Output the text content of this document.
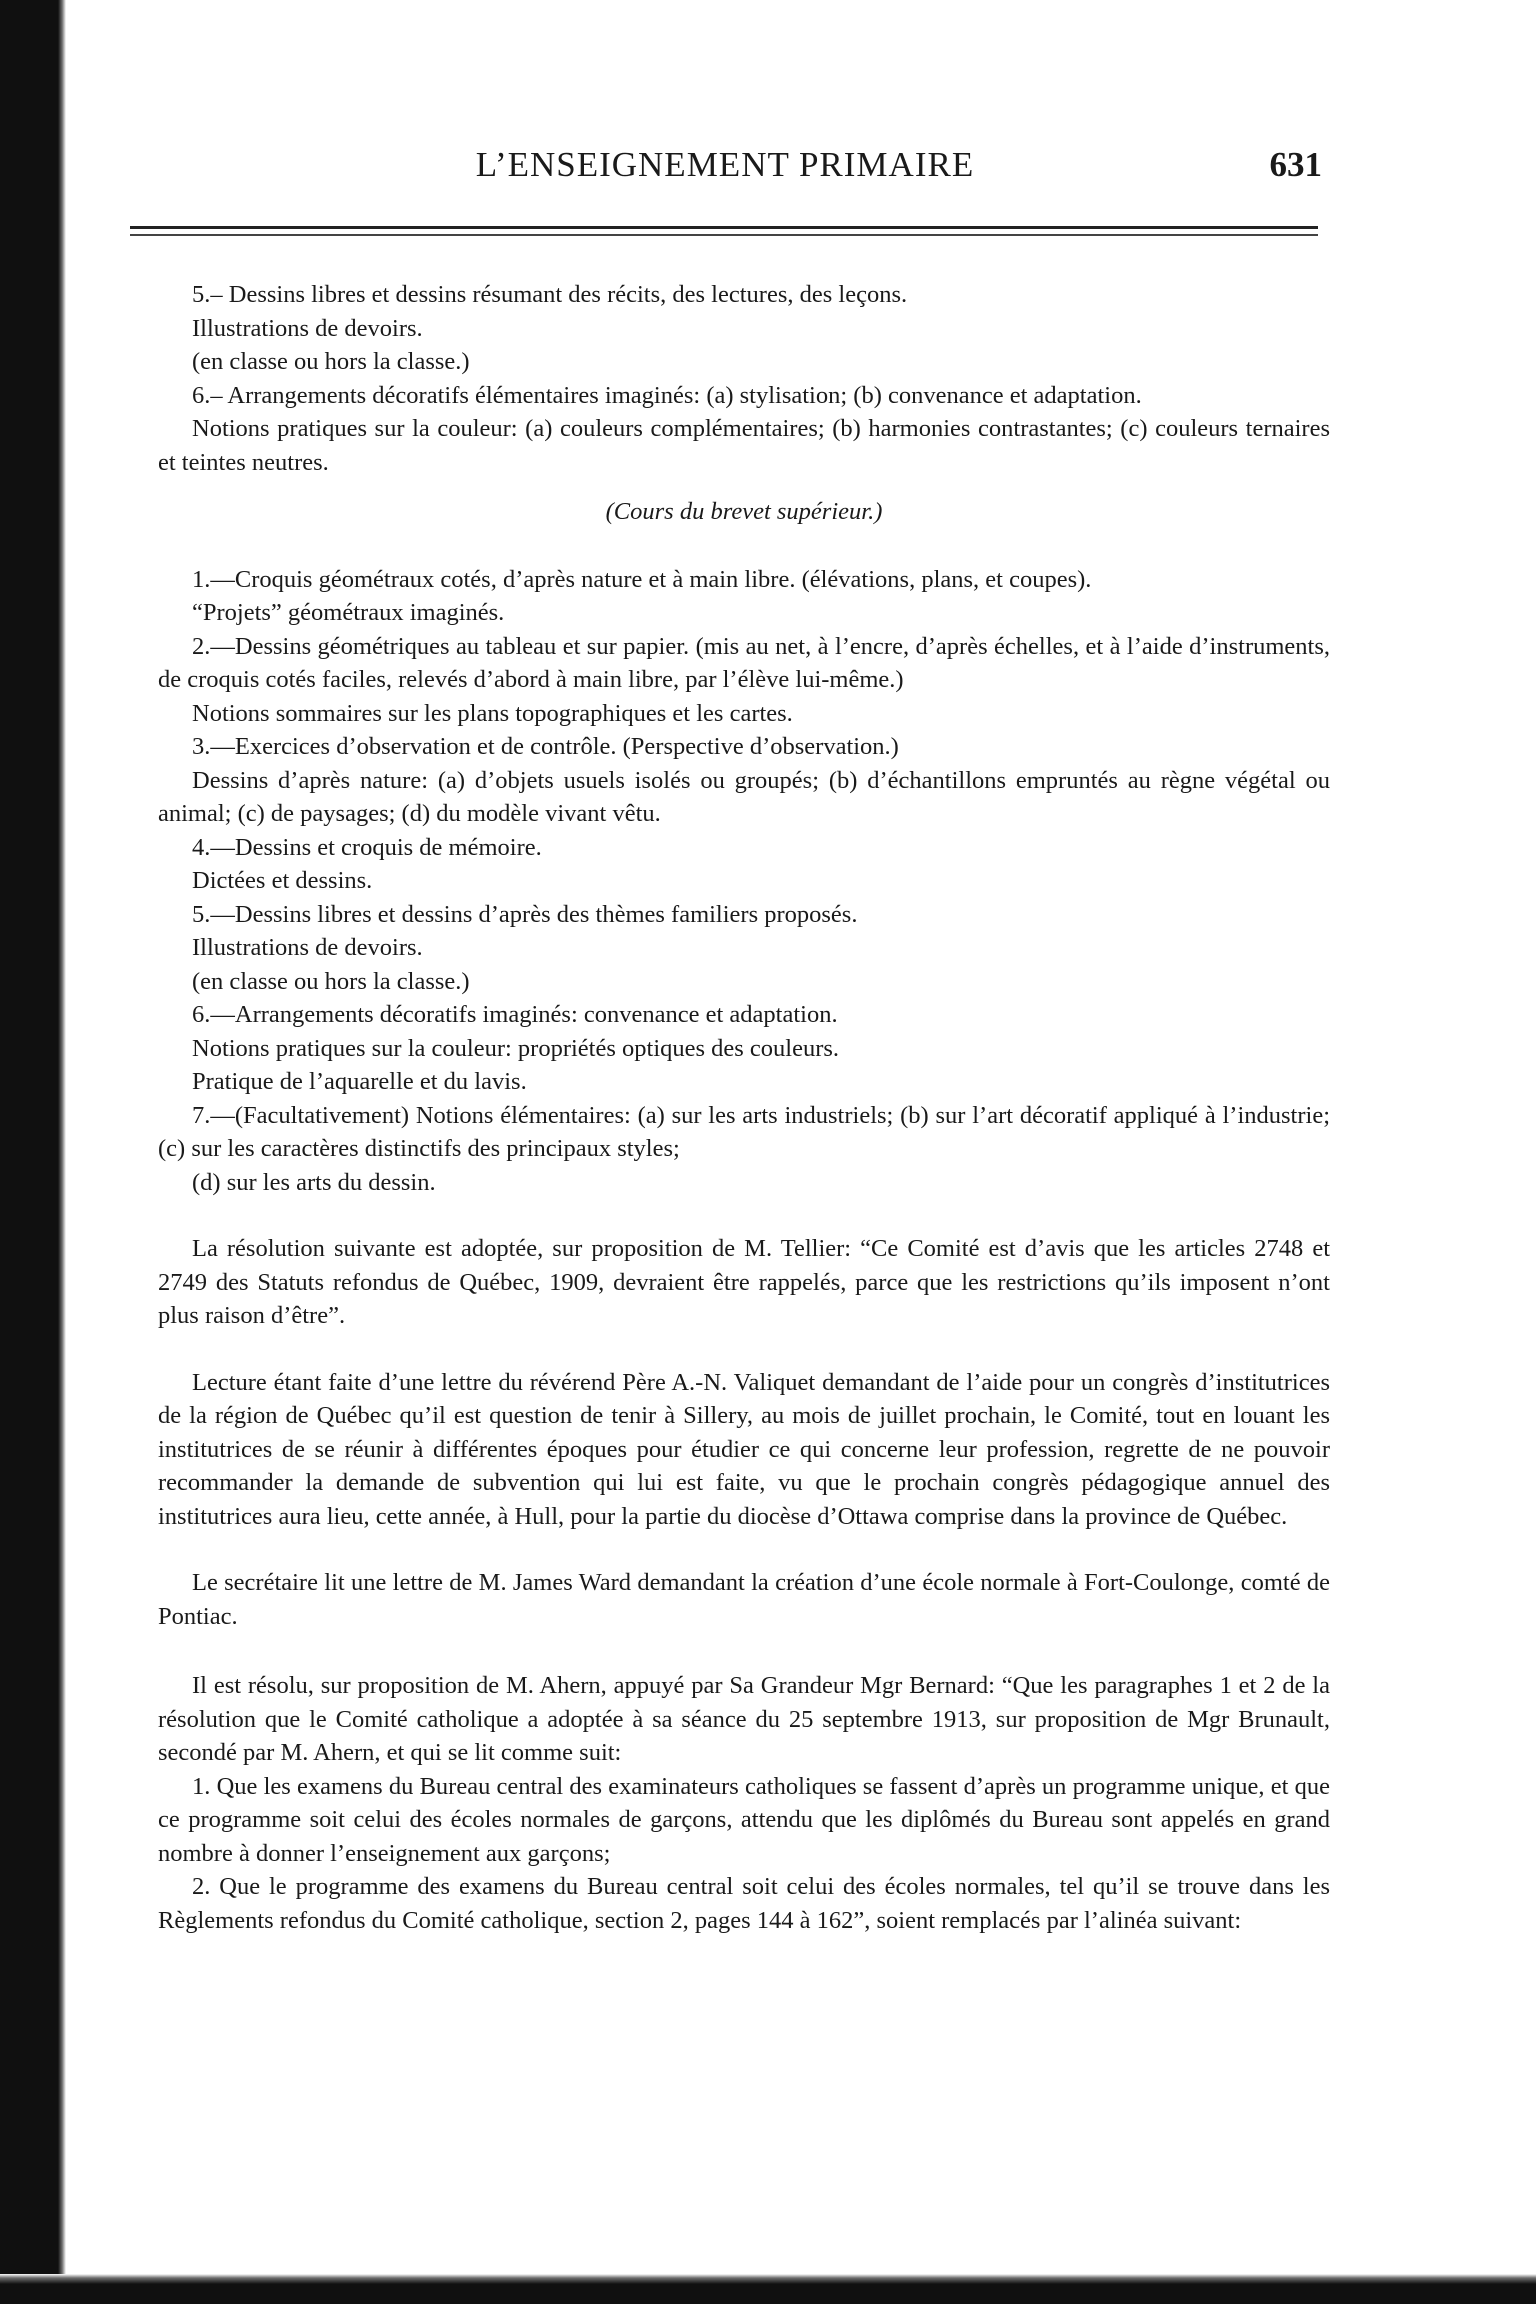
L’ENSEIGNEMENT PRIMAIRE	631

5.– Dessins libres et dessins résumant des récits, des lectures, des leçons.

Illustrations de devoirs.

(en classe ou hors la classe.)

6.– Arrangements décoratifs élémentaires imaginés: (a) stylisation; (b) convenance et adaptation.

Notions pratiques sur la couleur: (a) couleurs complémentaires; (b) harmonies contrastantes; (c) couleurs ternaires et teintes neutres.

(Cours du brevet supérieur.)

1.—Croquis géométraux cotés, d’après nature et à main libre. (élévations, plans, et coupes).

“Projets” géométraux imaginés.

2.—Dessins géométriques au tableau et sur papier. (mis au net, à l’encre, d’après échelles, et à l’aide d’instruments, de croquis cotés faciles, relevés d’abord à main libre, par l’élève lui-même.)

Notions sommaires sur les plans topographiques et les cartes.

3.—Exercices d’observation et de contrôle. (Perspective d’observation.)

Dessins d’après nature: (a) d’objets usuels isolés ou groupés; (b) d’échantillons empruntés au règne végétal ou animal; (c) de paysages; (d) du modèle vivant vêtu.

4.—Dessins et croquis de mémoire.

Dictées et dessins.

5.—Dessins libres et dessins d’après des thèmes familiers proposés.

Illustrations de devoirs.

(en classe ou hors la classe.)

6.—Arrangements décoratifs imaginés: convenance et adaptation.

Notions pratiques sur la couleur: propriétés optiques des couleurs.

Pratique de l’aquarelle et du lavis.

7.—(Facultativement) Notions élémentaires: (a) sur les arts industriels; (b) sur l’art décoratif appliqué à l’industrie; (c) sur les caractères distinctifs des principaux styles;

(d) sur les arts du dessin.

La résolution suivante est adoptée, sur proposition de M. Tellier: “Ce Comité est d’avis que les articles 2748 et 2749 des Statuts refondus de Québec, 1909, devraient être rappelés, parce que les restrictions qu’ils imposent n’ont plus raison d’être”.

Lecture étant faite d’une lettre du révérend Père A.-N. Valiquet demandant de l’aide pour un congrès d’institutrices de la région de Québec qu’il est question de tenir à Sillery, au mois de juillet prochain, le Comité, tout en louant les institutrices de se réunir à différentes époques pour étudier ce qui concerne leur profession, regrette de ne pouvoir recommander la demande de subvention qui lui est faite, vu que le prochain congrès pédagogique annuel des institutrices aura lieu, cette année, à Hull, pour la partie du diocèse d’Ottawa comprise dans la province de Québec.

Le secrétaire lit une lettre de M. James Ward demandant la création d’une école normale à Fort-Coulonge, comté de Pontiac.

Il est résolu, sur proposition de M. Ahern, appuyé par Sa Grandeur Mgr Bernard: “Que les paragraphes 1 et 2 de la résolution que le Comité catholique a adoptée à sa séance du 25 septembre 1913, sur proposition de Mgr Brunault, secondé par M. Ahern, et qui se lit comme suit:

1. Que les examens du Bureau central des examinateurs catholiques se fassent d’après un programme unique, et que ce programme soit celui des écoles normales de garçons, attendu que les diplômés du Bureau sont appelés en grand nombre à donner l’enseignement aux garçons;

2. Que le programme des examens du Bureau central soit celui des écoles normales, tel qu’il se trouve dans les Règlements refondus du Comité catholique, section 2, pages 144 à 162”, soient remplacés par l’alinéa suivant:
